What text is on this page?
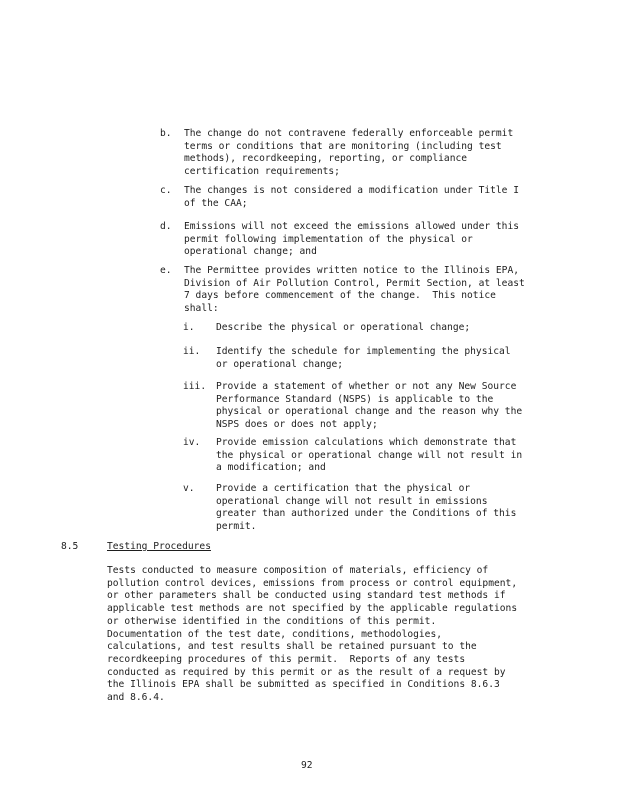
b. The change do not contravene federally enforceable permit
terms or conditions that are monitoring (including test
methods), recordkeeping, reporting, or compliance
certification requirements;
c. The changes is not considered a modification under Title I
of the CAA;
d. Emissions will not exceed the emissions allowed under this
permit following implementation of the physical or
operational change; and
e. The Permittee provides written notice to the Illinois EPA,
Division of Air Pollution Control, Permit Section, at least
7 days before commencement of the change.  This notice
shall:
i. Describe the physical or operational change;
ii. Identify the schedule for implementing the physical
or operational change;
iii. Provide a statement of whether or not any New Source
Performance Standard (NSPS) is applicable to the
physical or operational change and the reason why the
NSPS does or does not apply;
iv. Provide emission calculations which demonstrate that
the physical or operational change will not result in
a modification; and
v. Provide a certification that the physical or
operational change will not result in emissions
greater than authorized under the Conditions of this
permit.
8.5	Testing Procedures
Tests conducted to measure composition of materials, efficiency of
pollution control devices, emissions from process or control equipment,
or other parameters shall be conducted using standard test methods if
applicable test methods are not specified by the applicable regulations
or otherwise identified in the conditions of this permit.
Documentation of the test date, conditions, methodologies,
calculations, and test results shall be retained pursuant to the
recordkeeping procedures of this permit.  Reports of any tests
conducted as required by this permit or as the result of a request by
the Illinois EPA shall be submitted as specified in Conditions 8.6.3
and 8.6.4.
92
